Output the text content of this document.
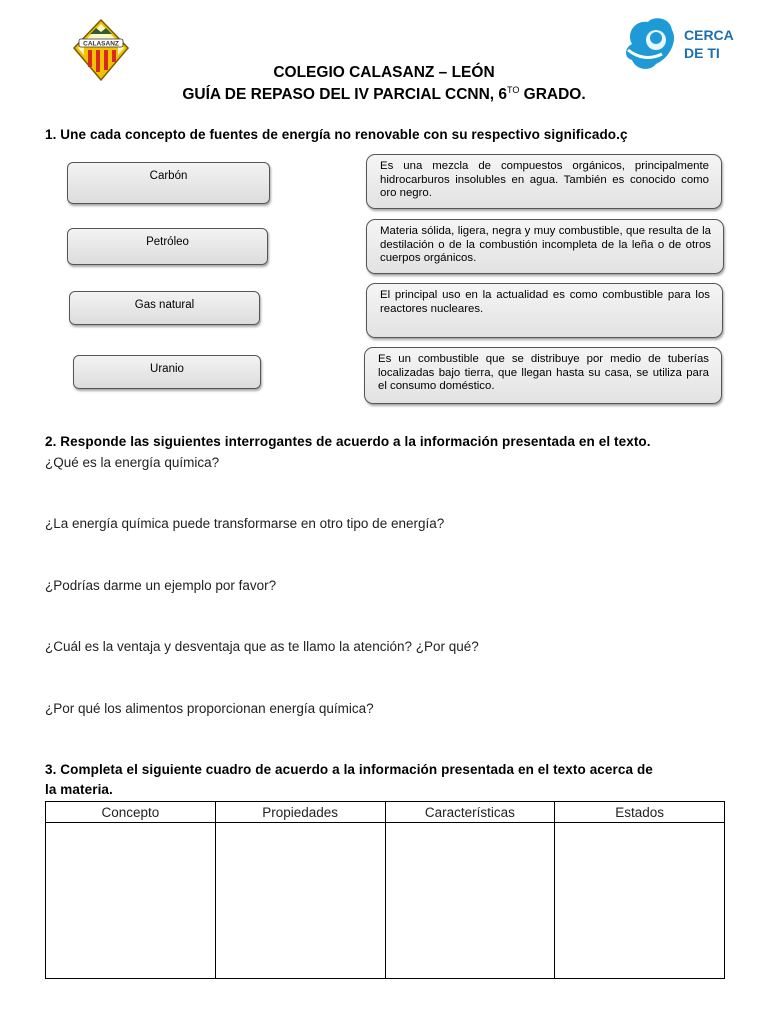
CALASANZ
CERCA
DE TI
COLEGIO CALASANZ – LEÓN
GUÍA DE REPASO DEL IV PARCIAL CCNN, $6^{TO}$ GRADO.
1. Une cada concepto de fuentes de energía no renovable con su respectivo significado.ç
Carbón
Petróleo
Gas natural
Uranio
Es una mezcla de compuestos orgánicos, principalmente hidrocarburos insolubles en agua. También es conocido como oro negro.
Materia sólida, ligera, negra y muy combustible, que resulta de la destilación o de la combustión incompleta de la leña o de otros cuerpos orgánicos.
El principal uso en la actualidad es como combustible para los reactores nucleares.
Es un combustible que se distribuye por medio de tuberías localizadas bajo tierra, que llegan hasta su casa, se utiliza para el consumo doméstico.
2. Responde las siguientes interrogantes de acuerdo a la información presentada en el texto.
¿Qué es la energía química?
¿La energía química puede transformarse en otro tipo de energía?
¿Podrías darme un ejemplo por favor?
¿Cuál es la ventaja y desventaja que as te llamo la atención? ¿Por qué?
¿Por qué los alimentos proporcionan energía química?
3. Completa el siguiente cuadro de acuerdo a la información presentada en el texto acerca de
la materia.
Concepto	Propiedades	Características	Estados
